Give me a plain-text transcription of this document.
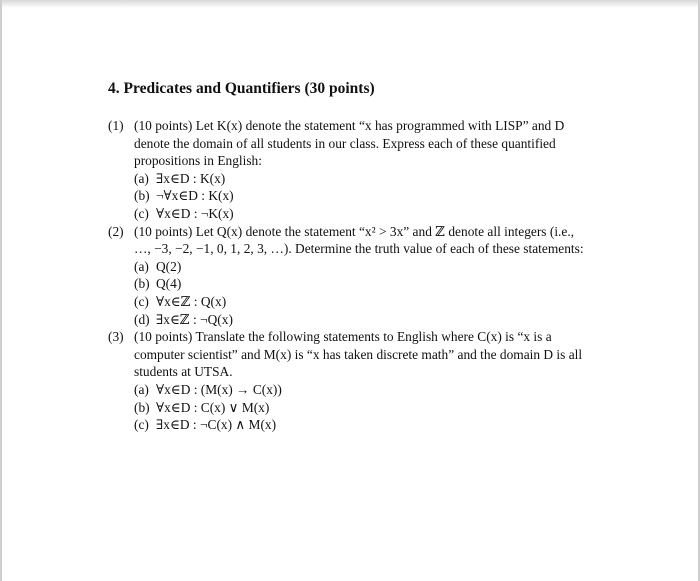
4. Predicates and Quantifiers (30 points)
(1) (10 points) Let K(x) denote the statement “x has programmed with LISP” and D denote the domain of all students in our class. Express each of these quantified propositions in English:

(a) ∃x∈D : K(x)
(b) ¬∀x∈D : K(x)
(c) ∀x∈D : ¬K(x)
(2) (10 points) Let Q(x) denote the statement “x² > 3x” and ℤ denote all integers (i.e., …, −3, −2, −1, 0, 1, 2, 3, …). Determine the truth value of each of these statements:

(a) Q(2)
(b) Q(4)
(c) ∀x∈ℤ : Q(x)
(d) ∃x∈ℤ : ¬Q(x)
(3) (10 points) Translate the following statements to English where C(x) is “x is a computer scientist” and M(x) is “x has taken discrete math” and the domain D is all students at UTSA.

(a) ∀x∈D : (M(x) → C(x))
(b) ∀x∈D : C(x) ∨ M(x)
(c) ∃x∈D : ¬C(x) ∧ M(x)
